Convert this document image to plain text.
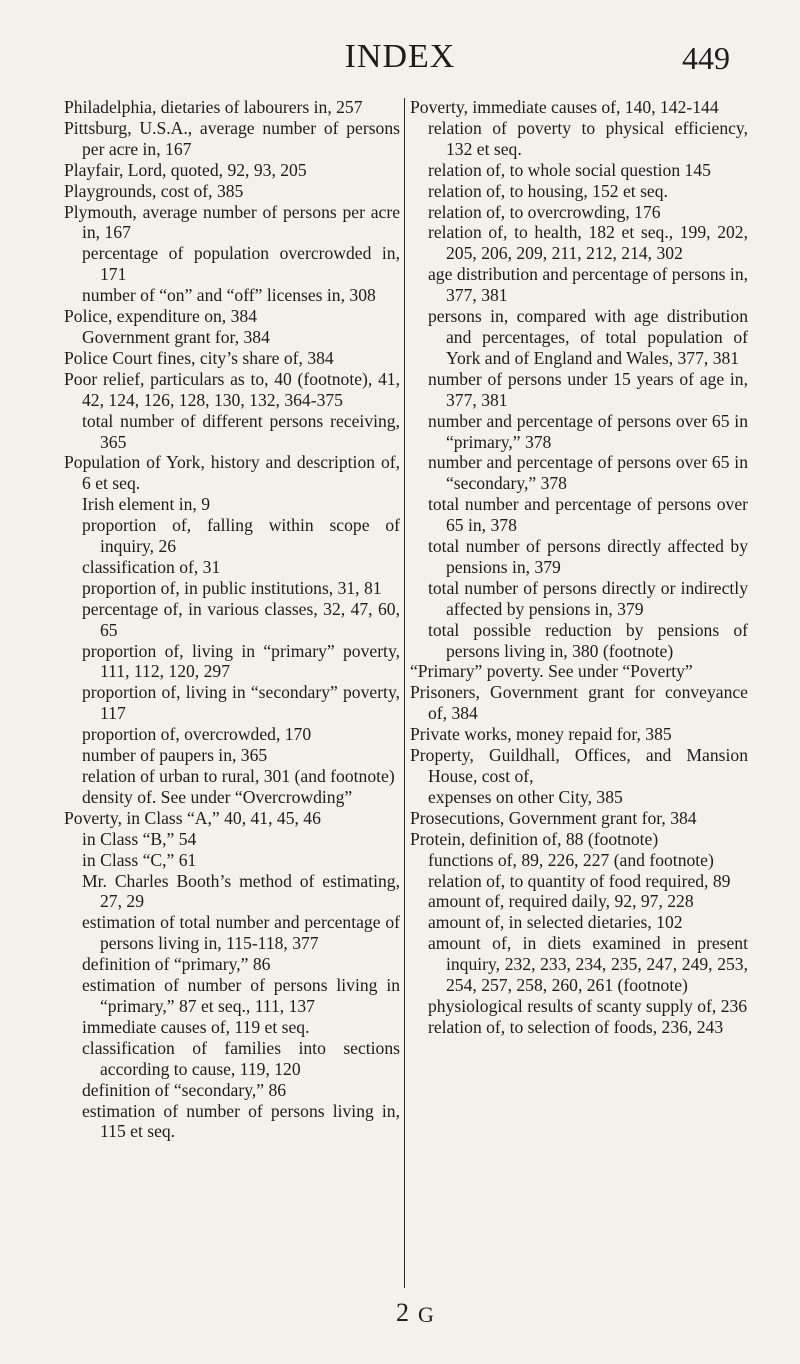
INDEX	449

Philadelphia, dietaries of labourers in, 257

Pittsburg, U.S.A., average number of persons per acre in, 167

Playfair, Lord, quoted, 92, 93, 205

Playgrounds, cost of, 385

Plymouth, average number of persons per acre in, 167

percentage of population overcrowded in, 171

number of “on” and “off” licenses in, 308

Police, expenditure on, 384

Government grant for, 384

Police Court fines, city’s share of, 384

Poor relief, particulars as to, 40 (footnote), 41, 42, 124, 126, 128, 130, 132, 364-375

total number of different persons receiving, 365

Population of York, history and description of, 6 et seq.

Irish element in, 9

proportion of, falling within scope of inquiry, 26

classification of, 31

proportion of, in public institutions, 31, 81

percentage of, in various classes, 32, 47, 60, 65

proportion of, living in “primary” poverty, 111, 112, 120, 297

proportion of, living in “secondary” poverty, 117

proportion of, overcrowded, 170

number of paupers in, 365

relation of urban to rural, 301 (and footnote)

density of. See under “Overcrowding”

Poverty, in Class “A,” 40, 41, 45, 46

in Class “B,” 54

in Class “C,” 61

Mr. Charles Booth’s method of estimating, 27, 29

estimation of total number and percentage of persons living in, 115-118, 377

definition of “primary,” 86

estimation of number of persons living in “primary,” 87 et seq., 111, 137

immediate causes of, 119 et seq.

classification of families into sections according to cause, 119, 120

definition of “secondary,” 86

estimation of number of persons living in, 115 et seq.

Poverty, immediate causes of, 140, 142-144

relation of poverty to physical efficiency, 132 et seq.

relation of, to whole social question 145

relation of, to housing, 152 et seq.

relation of, to overcrowding, 176

relation of, to health, 182 et seq., 199, 202, 205, 206, 209, 211, 212, 214, 302

age distribution and percentage of persons in, 377, 381

persons in, compared with age distribution and percentages, of total population of York and of England and Wales, 377, 381

number of persons under 15 years of age in, 377, 381

number and percentage of persons over 65 in “primary,” 378

number and percentage of persons over 65 in “secondary,” 378

total number and percentage of persons over 65 in, 378

total number of persons directly affected by pensions in, 379

total number of persons directly or indirectly affected by pensions in, 379

total possible reduction by pensions of persons living in, 380 (footnote)

“Primary” poverty. See under “Poverty”

Prisoners, Government grant for conveyance of, 384

Private works, money repaid for, 385

Property, Guildhall, Offices, and Mansion House, cost of,

expenses on other City, 385

Prosecutions, Government grant for, 384

Protein, definition of, 88 (footnote)

functions of, 89, 226, 227 (and footnote)

relation of, to quantity of food required, 89

amount of, required daily, 92, 97, 228

amount of, in selected dietaries, 102

amount of, in diets examined in present inquiry, 232, 233, 234, 235, 247, 249, 253, 254, 257, 258, 260, 261 (footnote)

physiological results of scanty supply of, 236

relation of, to selection of foods, 236, 243

2 G
